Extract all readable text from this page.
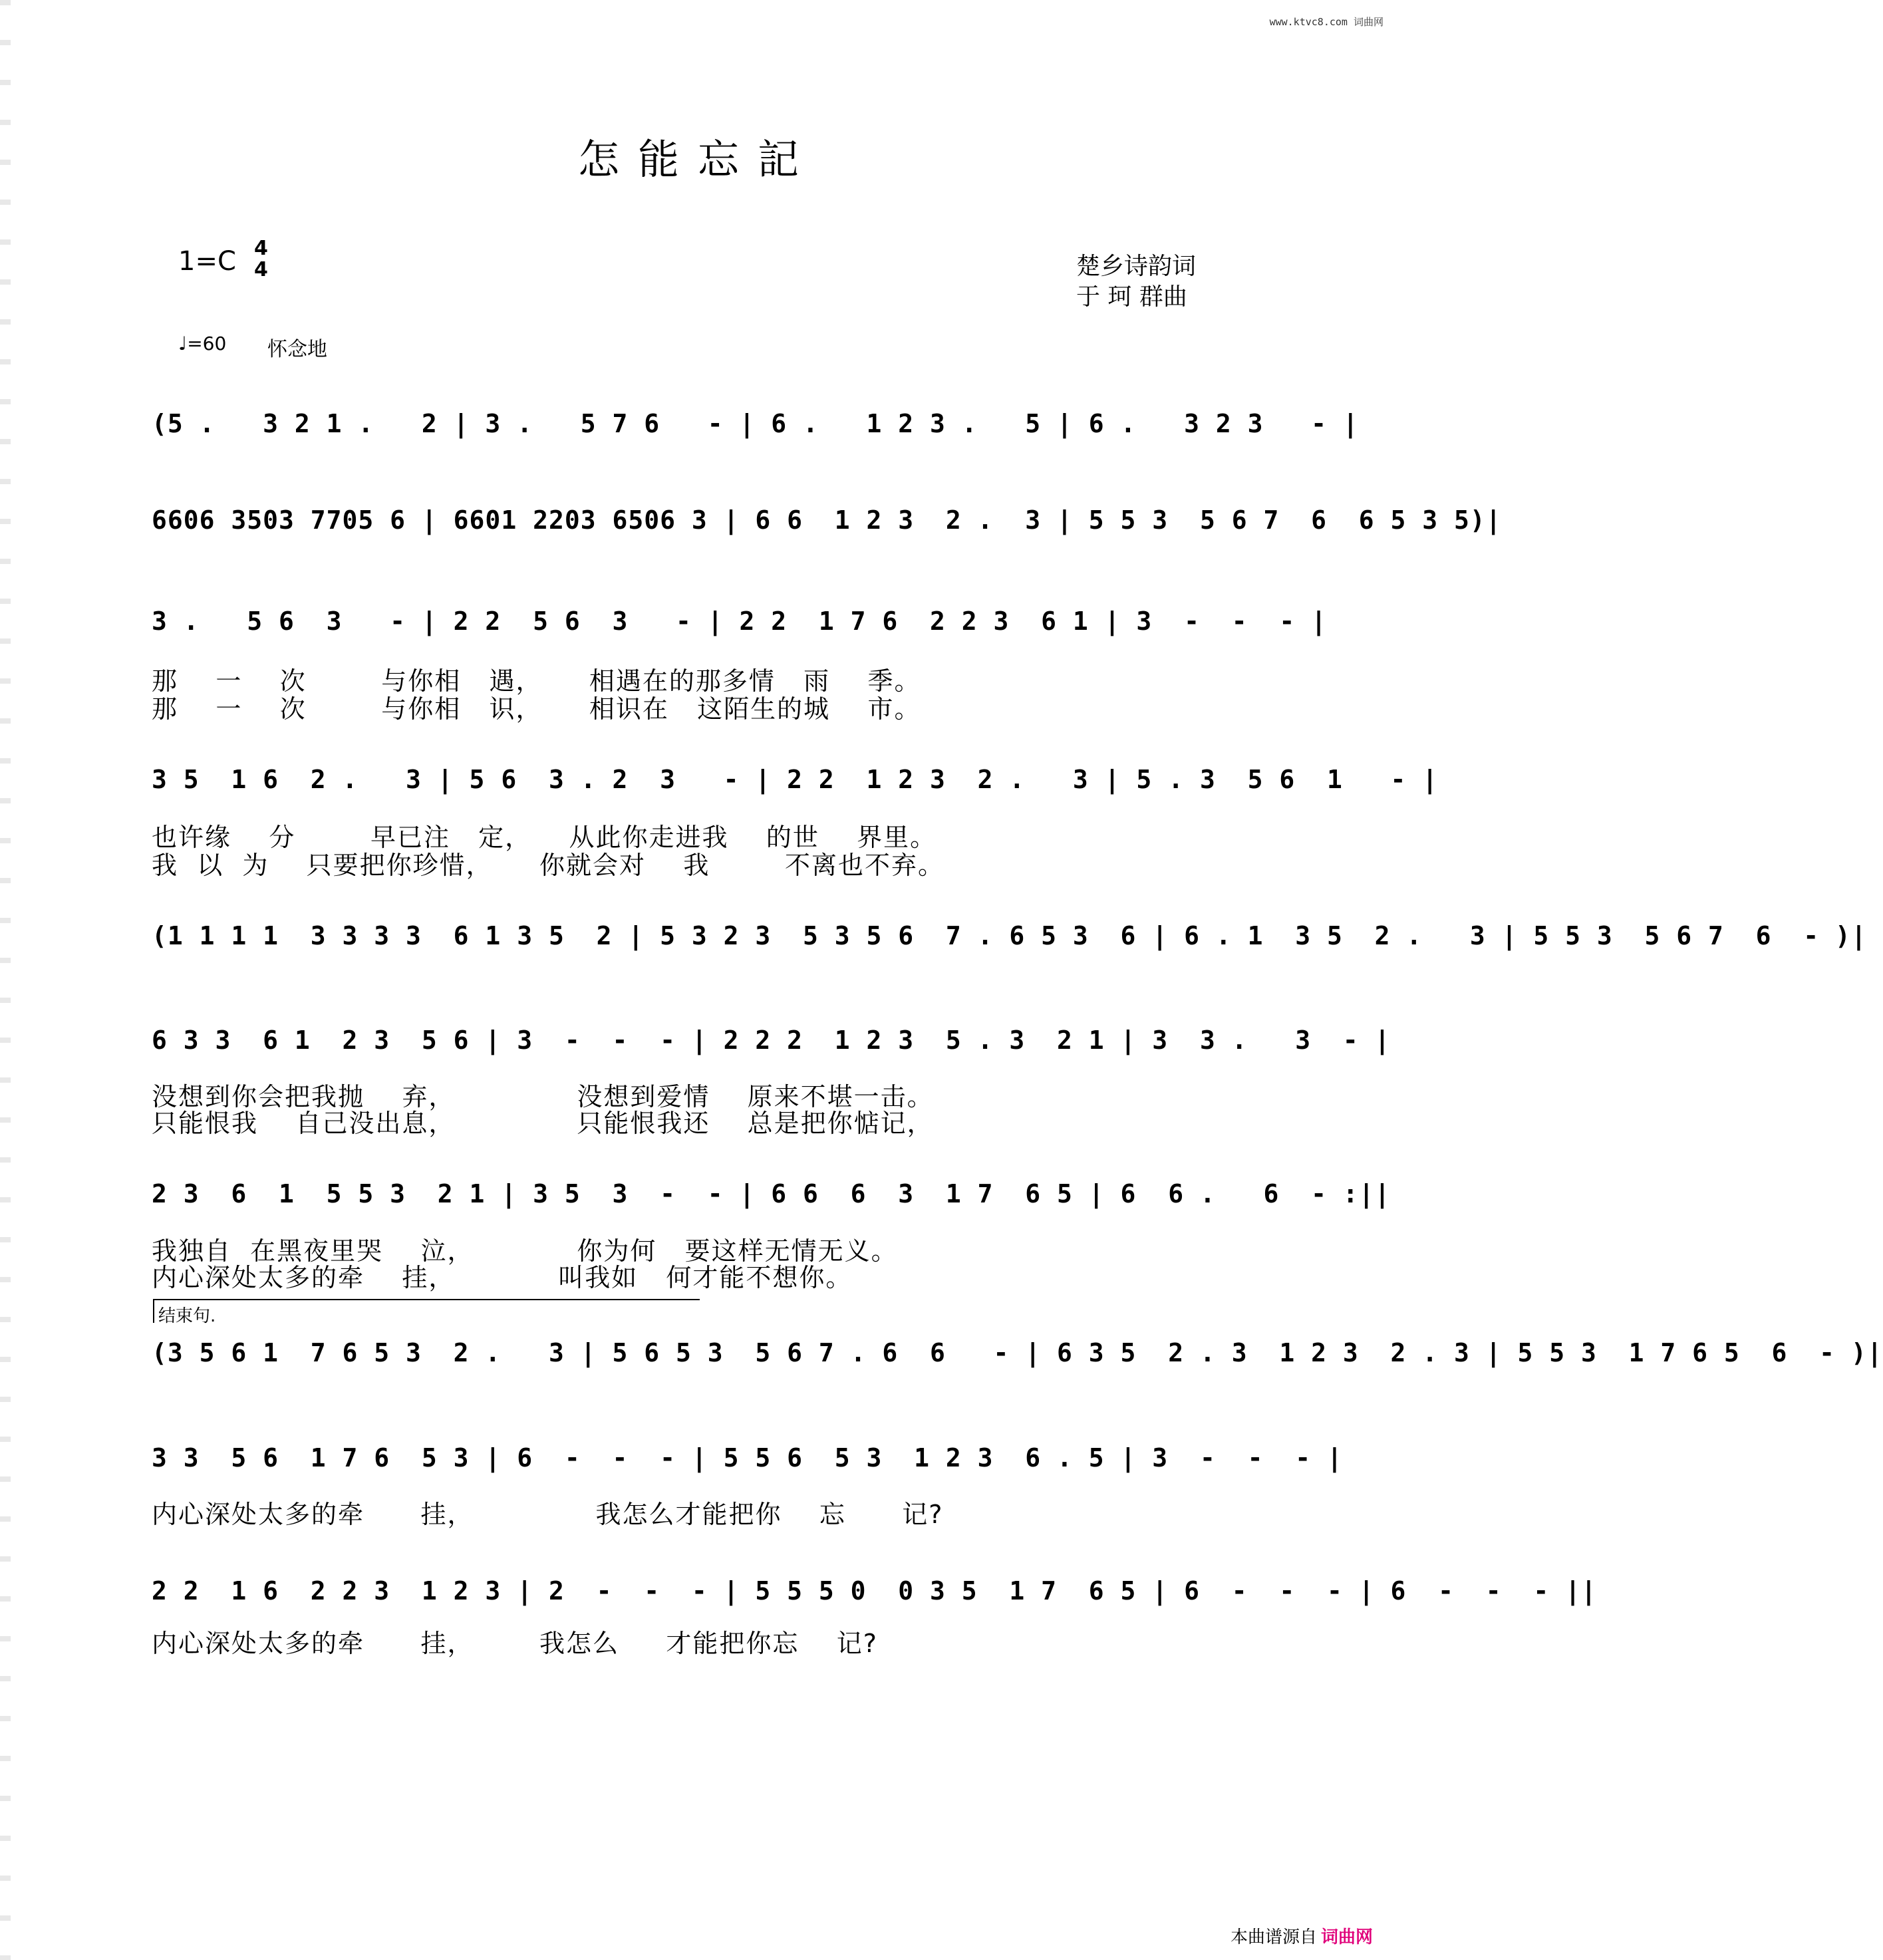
www.ktvc8.com 词曲网
怎能忘記
1=C 4
4	楚乡诗韵词
于 珂 群曲
♩=60 怀念地
(5 .   3 2 1 .   2 | 3 .   5 7 6   - | 6 .   1 2 3 .   5 | 6 .   3 2 3   - |
6606 3503 7705 6 | 6601 2203 6506 3 | 6 6  1 2 3  2 .  3 | 5 5 3  5 6 7  6  6 5 3 5)|
3 .   5 6  3   - | 2 2  5 6  3   - | 2 2  1 7 6  2 2 3  6 1 | 3  -  -  - |
那    一    次        与你相   遇，     相遇在的那多情   雨    季。
那    一    次        与你相   识，     相识在   这陌生的城    市。
3 5  1 6  2 .   3 | 5 6  3 . 2  3   - | 2 2  1 2 3  2 .   3 | 5 . 3  5 6  1   - |
也许缘    分        早已注   定，    从此你走进我    的世    界里。
我  以  为    只要把你珍惜，     你就会对    我        不离也不弃。
(1 1 1 1  3 3 3 3  6 1 3 5  2 | 5 3 2 3  5 3 5 6  7 . 6 5 3  6 | 6 . 1  3 5  2 .   3 | 5 5 3  5 6 7  6  - )|
6 3 3  6 1  2 3  5 6 | 3  -  -  - | 2 2 2  1 2 3  5 . 3  2 1 | 3  3 .   3  - |
没想到你会把我抛    弃，             没想到爱情    原来不堪一击。
只能恨我    自己没出息，             只能恨我还    总是把你惦记，
2 3  6  1  5 5 3  2 1 | 3 5  3  -  - | 6 6  6  3  1 7  6 5 | 6  6 .   6  - :||
我独自  在黑夜里哭    泣，           你为何   要这样无情无义。
内心深处太多的牵    挂，           叫我如   何才能不想你。
结束句.
(3 5 6 1  7 6 5 3  2 .   3 | 5 6 5 3  5 6 7 . 6  6   - | 6 3 5  2 . 3  1 2 3  2 . 3 | 5 5 3  1 7 6 5  6  - )|
3 3  5 6  1 7 6  5 3 | 6  -  -  - | 5 5 6  5 3  1 2 3  6 . 5 | 3  -  -  - |
内心深处太多的牵      挂，             我怎么才能把你    忘      记?
2 2  1 6  2 2 3  1 2 3 | 2  -  -  - | 5 5 5 0  0 3 5  1 7  6 5 | 6  -  -  - | 6  -  -  - ||
内心深处太多的牵      挂，       我怎么     才能把你忘    记?
本曲谱源自 词曲网
